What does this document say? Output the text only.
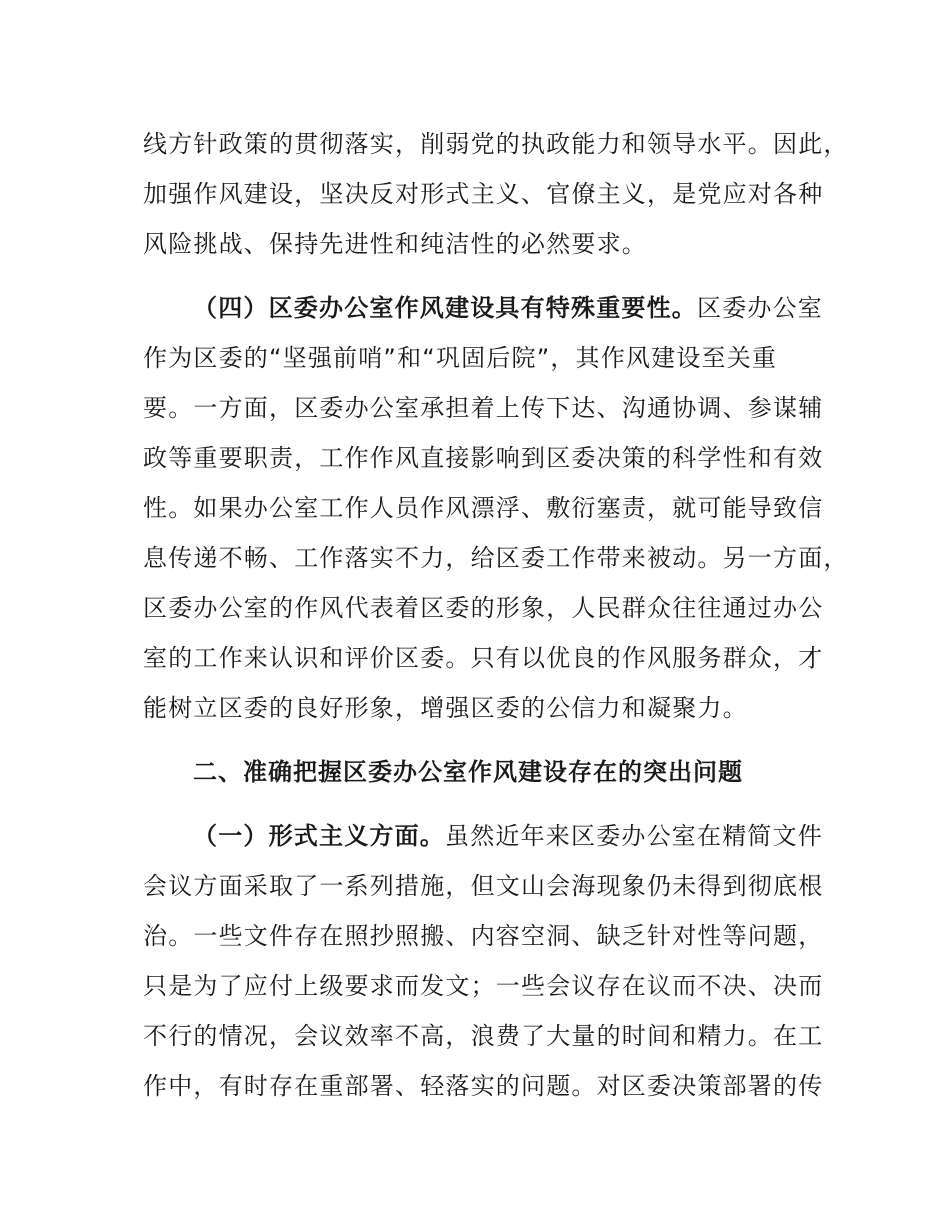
线方针政策的贯彻落实，削弱党的执政能力和领导水平。因此，
加强作风建设，坚决反对形式主义、官僚主义，是党应对各种
风险挑战、保持先进性和纯洁性的必然要求。
（四）区委办公室作风建设具有特殊重要性。区委办公室
作为区委的“坚强前哨”和“巩固后院”，其作风建设至关重
要。一方面，区委办公室承担着上传下达、沟通协调、参谋辅
政等重要职责，工作作风直接影响到区委决策的科学性和有效
性。如果办公室工作人员作风漂浮、敷衍塞责，就可能导致信
息传递不畅、工作落实不力，给区委工作带来被动。另一方面，
区委办公室的作风代表着区委的形象，人民群众往往通过办公
室的工作来认识和评价区委。只有以优良的作风服务群众，才
能树立区委的良好形象，增强区委的公信力和凝聚力。
二、准确把握区委办公室作风建设存在的突出问题
（一）形式主义方面。虽然近年来区委办公室在精简文件
会议方面采取了一系列措施，但文山会海现象仍未得到彻底根
治。一些文件存在照抄照搬、内容空洞、缺乏针对性等问题，
只是为了应付上级要求而发文；一些会议存在议而不决、决而
不行的情况，会议效率不高，浪费了大量的时间和精力。在工
作中，有时存在重部署、轻落实的问题。对区委决策部署的传
